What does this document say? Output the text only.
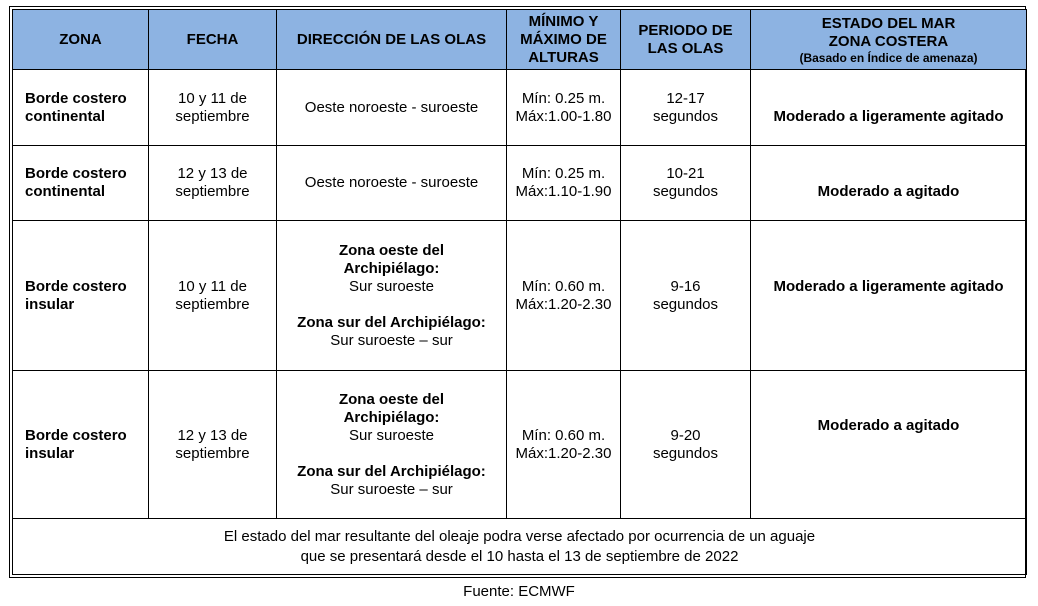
ZONA	FECHA	DIRECCIÓN DE LAS OLAS	MÍNIMO Y
MÁXIMO DE
ALTURAS	PERIODO DE
LAS OLAS	ESTADO DEL MAR
ZONA COSTERA
(Basado en Índice de amenaza)

Borde costero
continental	10 y 11 de
septiembre	Oeste noroeste - suroeste	Mín: 0.25 m.
Máx:1.00-1.80	12-17
segundos	Moderado a ligeramente agitado

Borde costero
continental	12 y 13 de
septiembre	Oeste noroeste - suroeste	Mín: 0.25 m.
Máx:1.10-1.90	10-21
segundos	Moderado a agitado

Borde costero
insular	10 y 11 de
septiembre	Zona oeste del
Archipiélago:
Sur suroeste
Zona sur del Archipiélago:
Sur suroeste – sur	Mín: 0.60 m.
Máx:1.20-2.30	9-16
segundos	Moderado a ligeramente agitado

Borde costero
insular	12 y 13 de
septiembre	Zona oeste del
Archipiélago:
Sur suroeste
Zona sur del Archipiélago:
Sur suroeste – sur	Mín: 0.60 m.
Máx:1.20-2.30	9-20
segundos	Moderado a agitado

El estado del mar resultante del oleaje podra verse afectado por ocurrencia de un aguaje
que se presentará desde el 10 hasta el 13 de septiembre de 2022					
Fuente: ECMWF
